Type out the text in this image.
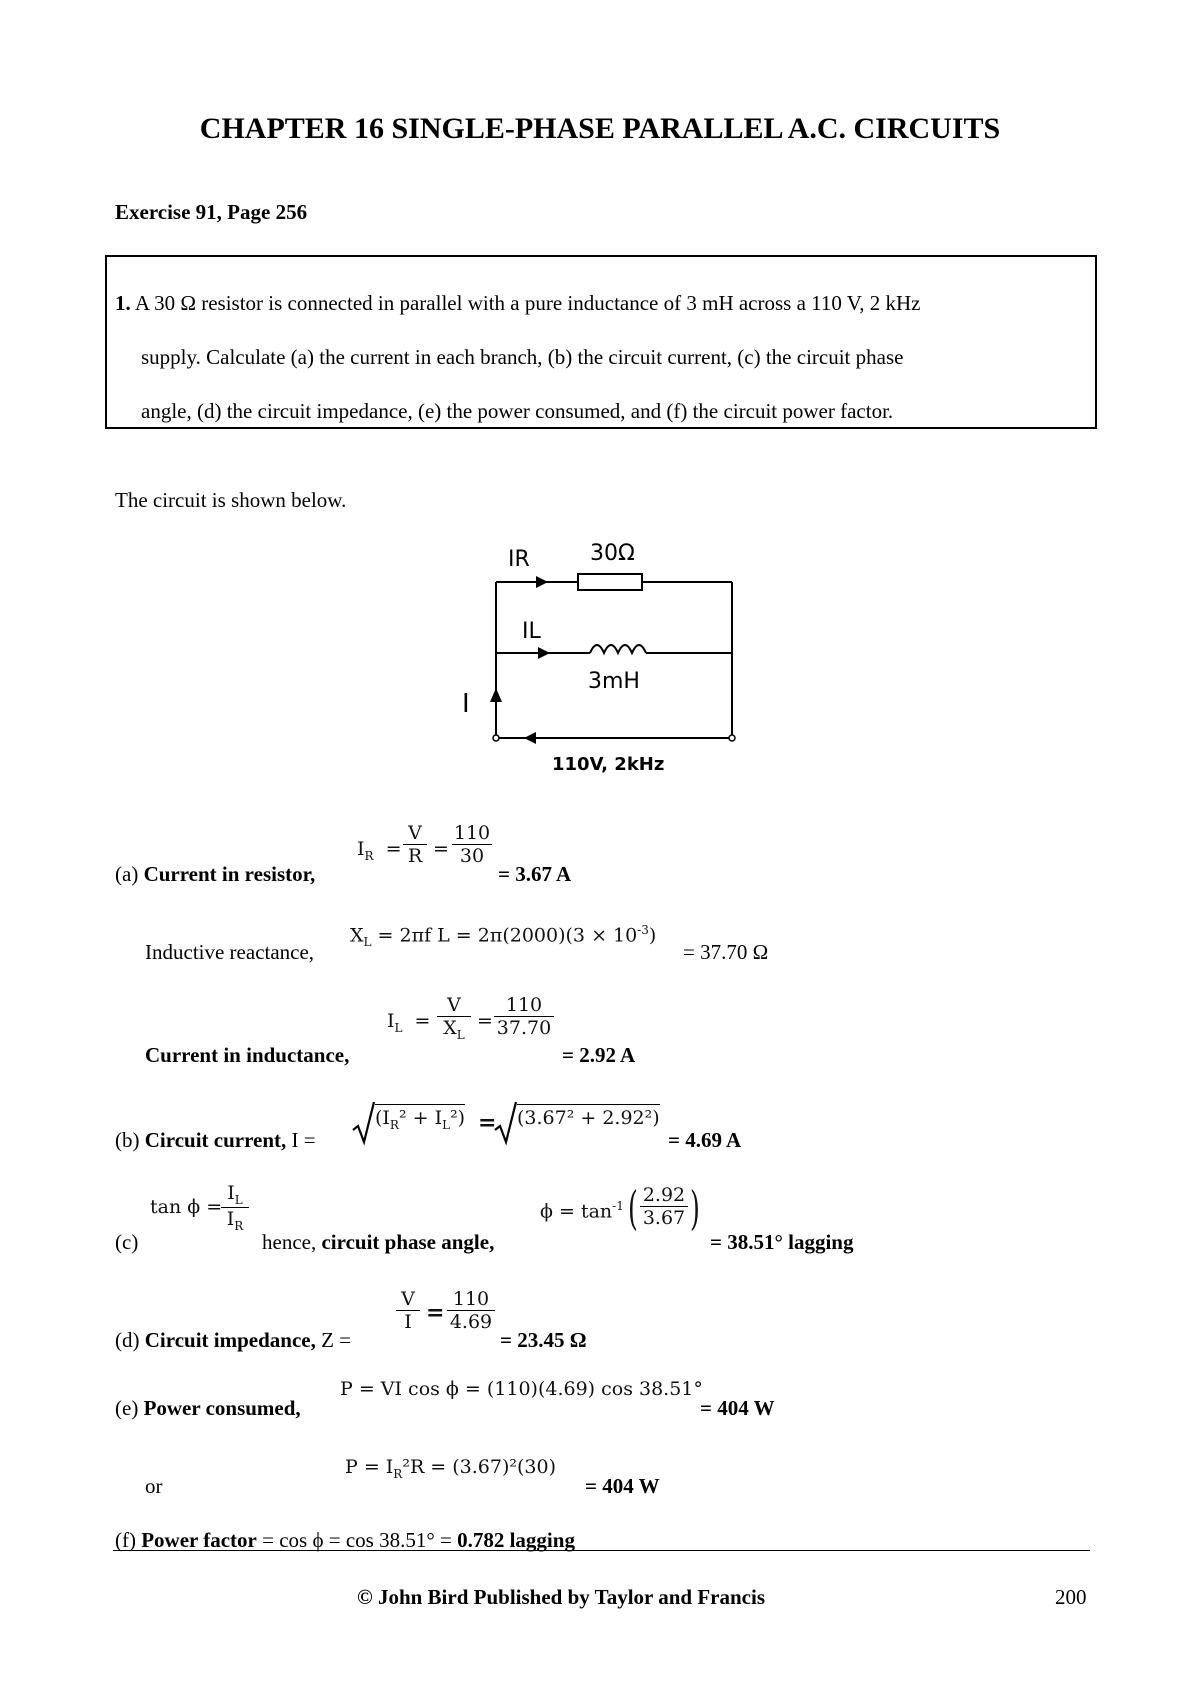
CHAPTER 16 SINGLE-PHASE PARALLEL A.C. CIRCUITS
Exercise 91, Page 256
1. A 30 Ω resistor is connected in parallel with a pure inductance of 3 mH across a 110 V, 2 kHz
supply. Calculate (a) the current in each branch, (b) the circuit current, (c) the circuit phase
angle, (d) the circuit impedance, (e) the power consumed, and (f) the circuit power factor.
The circuit is shown below.
IR	30Ω
IL
3mH
I
110V, 2kHz
(a) Current in resistor,
$I_R = \frac{V}{R} = \frac{110}{30}$
= 3.67 A
Inductive reactance,
$X_L = 2\pi f$ $L = 2\pi(2000)(3 \times 10^{-3})$
= 37.70 Ω
Current in inductance,
$I_L = \frac{V}{X_L} = \frac{110}{37.70}$
= 2.92 A
(b) Circuit current, I =
$(I_R^2 + I_L^2) = (3.67^2 + 2.92^2)$
= 4.69 A
(c)
tan ϕ =
$\frac{I_L}{I_R}$
hence, circuit phase angle,
$\phi = \tan^{-1}$ ( $\frac{2.92}{3.67}$ )
= 38.51° lagging
(d) Circuit impedance, Z =
$\frac{V}{I} = \frac{110}{4.69}$
= 23.45 Ω
(e) Power consumed,
P = VI cos ϕ = (110)(4.69) cos 38.51°
= 404 W
or
$P = I_R^2R = (3.67)^2(30)$
= 404 W
(f) Power factor = cos ϕ = cos 38.51° = 0.782 lagging
© John Bird Published by Taylor and Francis	200
